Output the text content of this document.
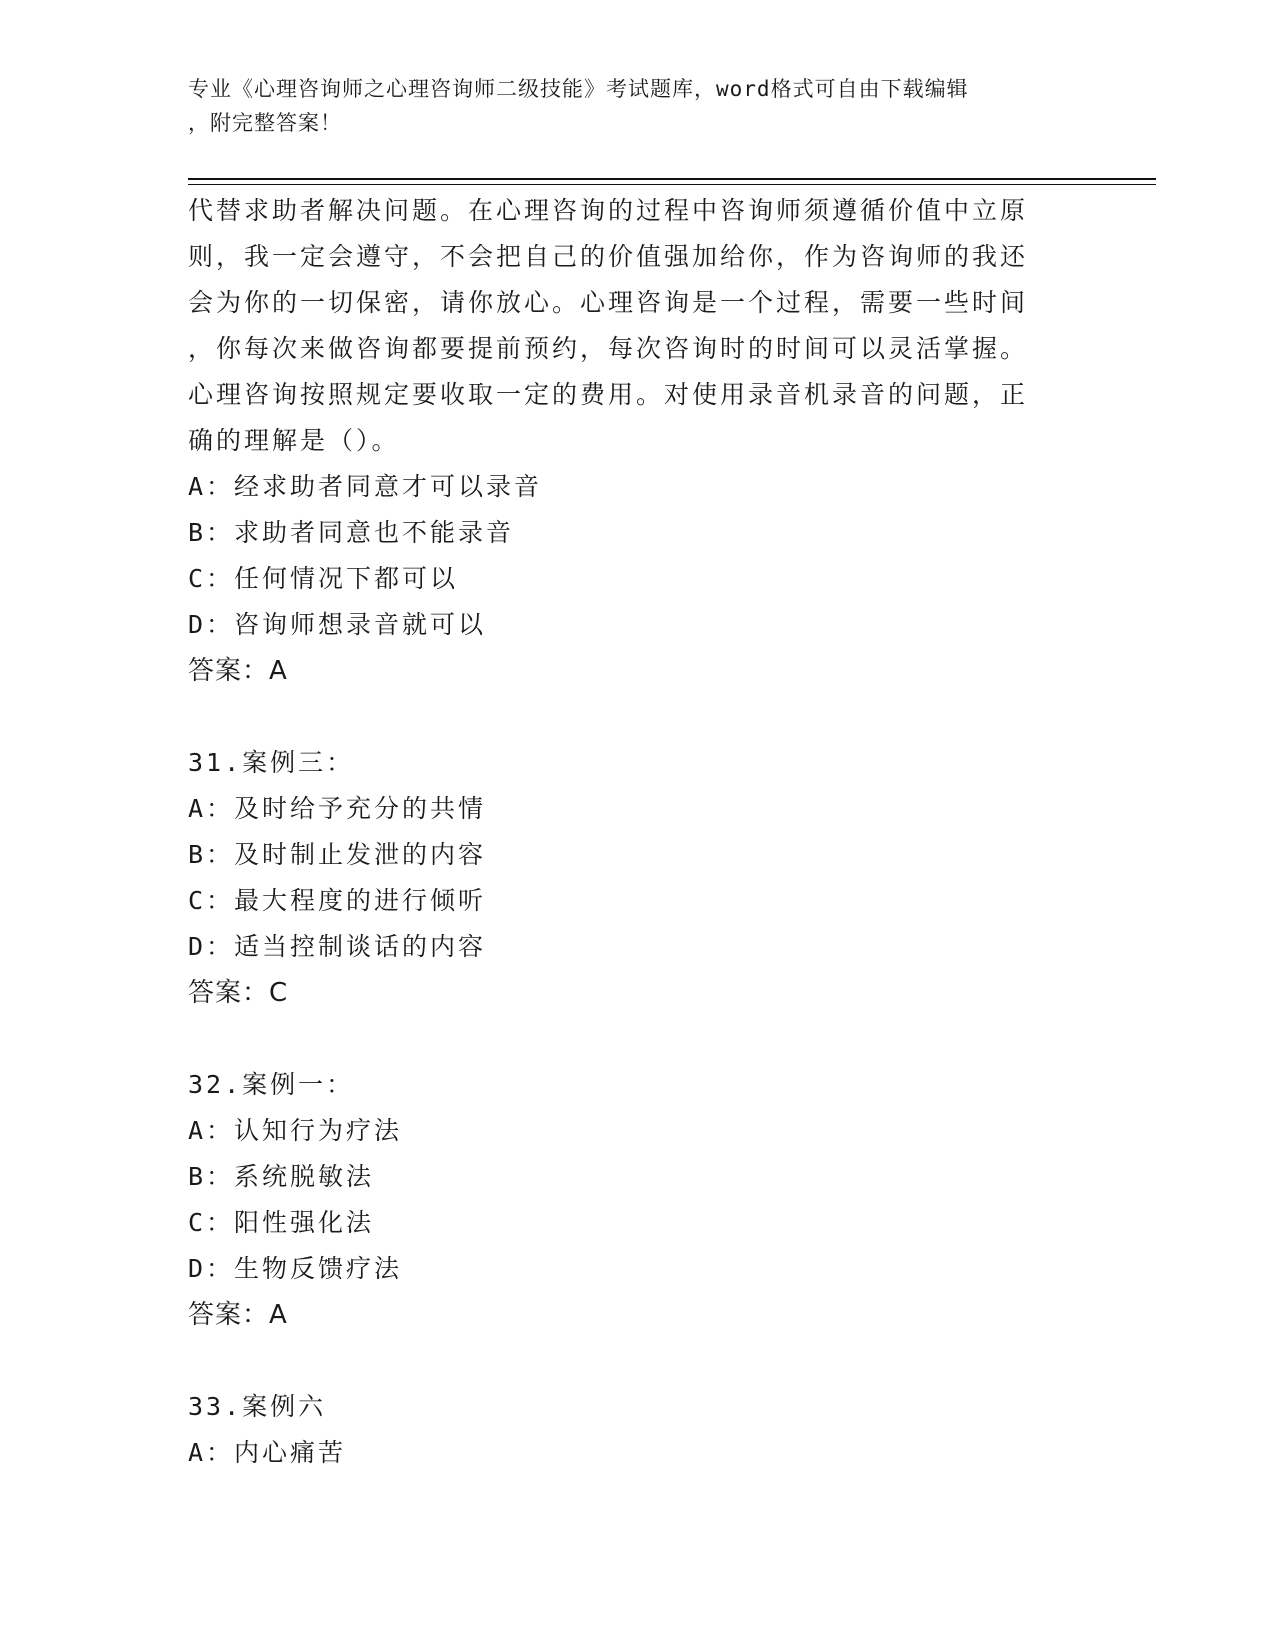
专业《心理咨询师之心理咨询师二级技能》考试题库，word格式可自由下载编辑
，附完整答案！
代替求助者解决问题。在心理咨询的过程中咨询师须遵循价值中立原
则，我一定会遵守，不会把自己的价值强加给你，作为咨询师的我还
会为你的一切保密，请你放心。心理咨询是一个过程，需要一些时间
，你每次来做咨询都要提前预约，每次咨询时的时间可以灵活掌握。
心理咨询按照规定要收取一定的费用。对使用录音机录音的问题，正
确的理解是（）。
A：经求助者同意才可以录音
B：求助者同意也不能录音
C：任何情况下都可以
D：咨询师想录音就可以
答案：A
31.案例三：
A：及时给予充分的共情
B：及时制止发泄的内容
C：最大程度的进行倾听
D：适当控制谈话的内容
答案：C
32.案例一：
A：认知行为疗法
B：系统脱敏法
C：阳性强化法
D：生物反馈疗法
答案：A
33.案例六
A：内心痛苦
